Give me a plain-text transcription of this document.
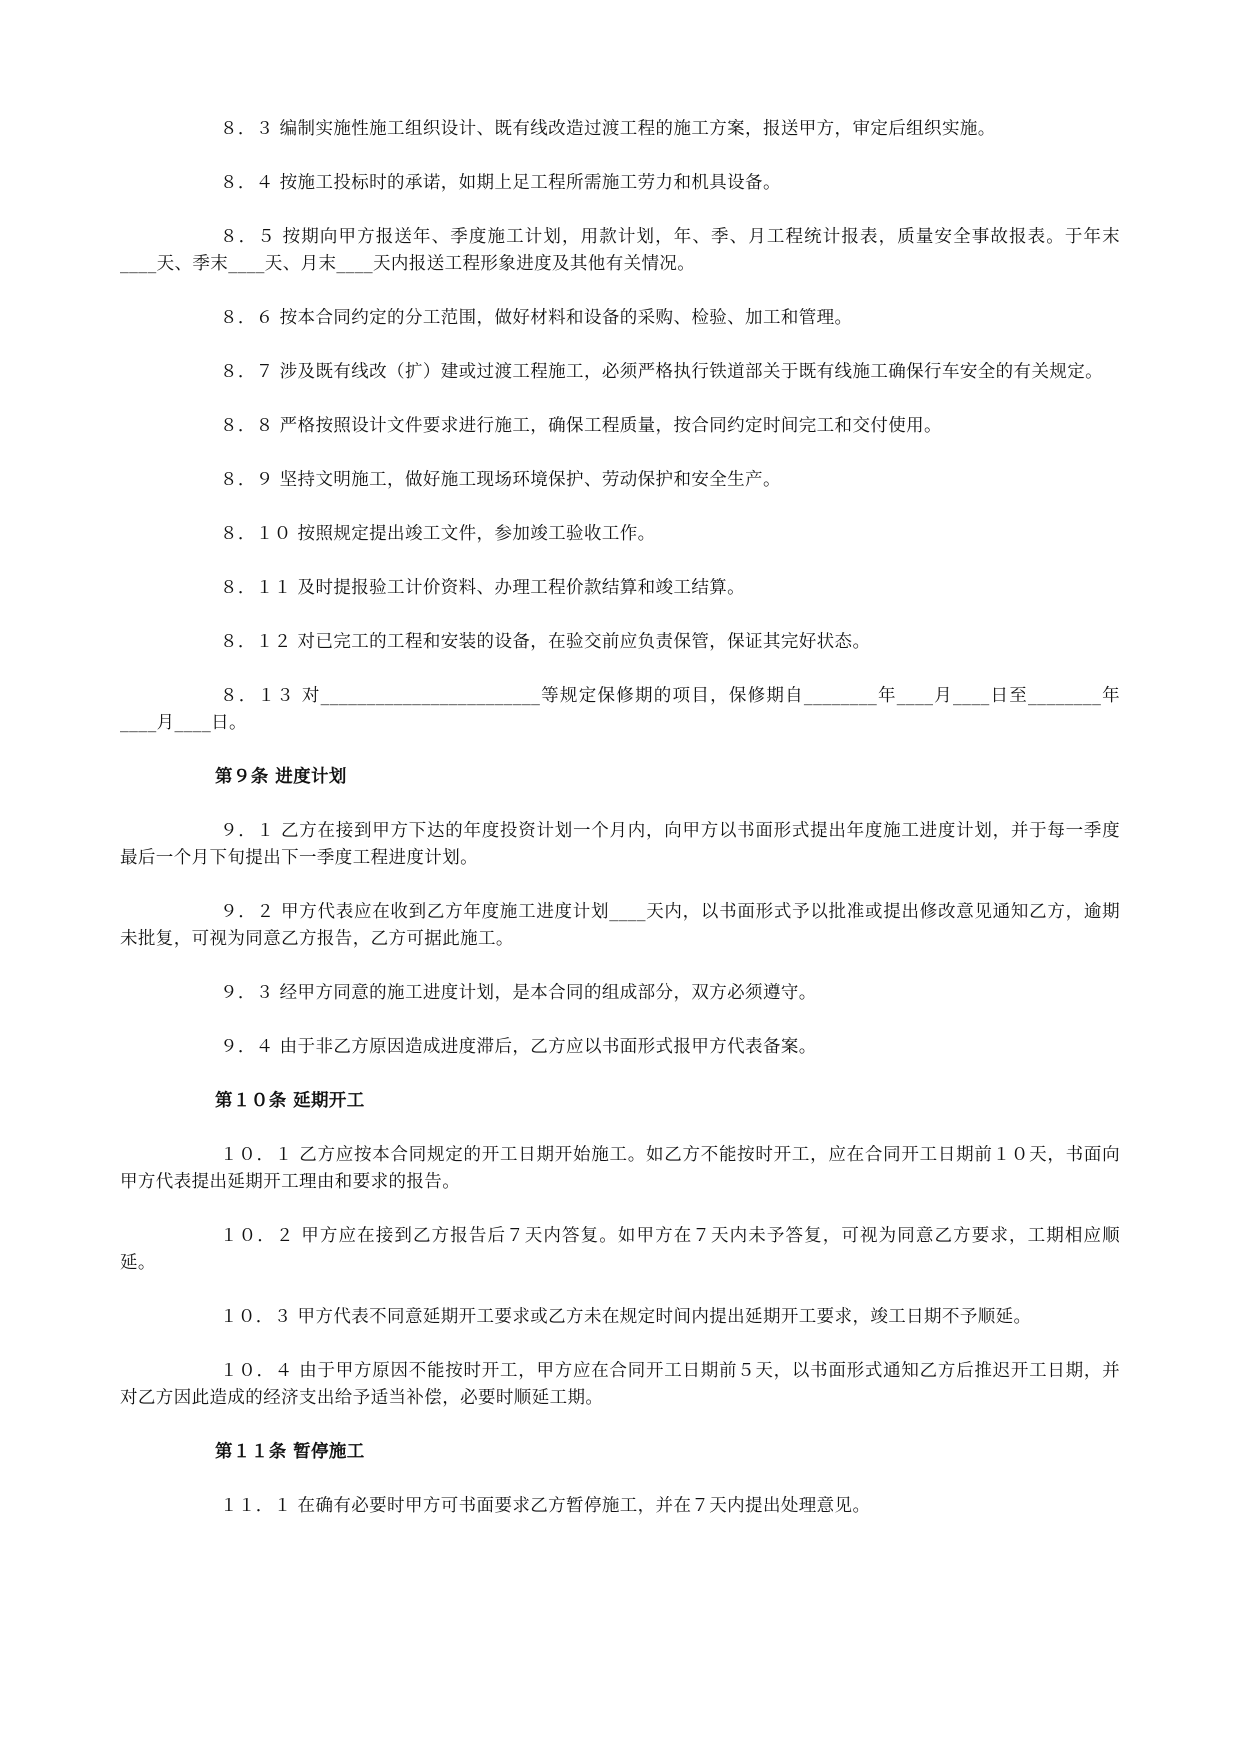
８．３ 编制实施性施工组织设计、既有线改造过渡工程的施工方案，报送甲方，审定后组织实施。

８．４ 按施工投标时的承诺，如期上足工程所需施工劳力和机具设备。

８．５ 按期向甲方报送年、季度施工计划，用款计划，年、季、月工程统计报表，质量安全事故报表。于年末____天、季末____天、月末____天内报送工程形象进度及其他有关情况。

８．６ 按本合同约定的分工范围，做好材料和设备的采购、检验、加工和管理。

８．７ 涉及既有线改（扩）建或过渡工程施工，必须严格执行铁道部关于既有线施工确保行车安全的有关规定。

８．８ 严格按照设计文件要求进行施工，确保工程质量，按合同约定时间完工和交付使用。

８．９ 坚持文明施工，做好施工现场环境保护、劳动保护和安全生产。

８．１０ 按照规定提出竣工文件，参加竣工验收工作。

８．１１ 及时提报验工计价资料、办理工程价款结算和竣工结算。

８．１２ 对已完工的工程和安装的设备，在验交前应负责保管，保证其完好状态。

８．１３ 对________________________等规定保修期的项目，保修期自________年____月____日至________年____月____日。

第９条 进度计划

９．１ 乙方在接到甲方下达的年度投资计划一个月内，向甲方以书面形式提出年度施工进度计划，并于每一季度最后一个月下旬提出下一季度工程进度计划。

９．２ 甲方代表应在收到乙方年度施工进度计划____天内，以书面形式予以批准或提出修改意见通知乙方，逾期未批复，可视为同意乙方报告，乙方可据此施工。

９．３ 经甲方同意的施工进度计划，是本合同的组成部分，双方必须遵守。

９．４ 由于非乙方原因造成进度滞后，乙方应以书面形式报甲方代表备案。

第１０条 延期开工

１０．１ 乙方应按本合同规定的开工日期开始施工。如乙方不能按时开工，应在合同开工日期前１０天，书面向甲方代表提出延期开工理由和要求的报告。

１０．２ 甲方应在接到乙方报告后７天内答复。如甲方在７天内未予答复，可视为同意乙方要求，工期相应顺延。

１０．３ 甲方代表不同意延期开工要求或乙方未在规定时间内提出延期开工要求，竣工日期不予顺延。

１０．４ 由于甲方原因不能按时开工，甲方应在合同开工日期前５天，以书面形式通知乙方后推迟开工日期，并对乙方因此造成的经济支出给予适当补偿，必要时顺延工期。

第１１条 暂停施工

１１．１ 在确有必要时甲方可书面要求乙方暂停施工，并在７天内提出处理意见。
